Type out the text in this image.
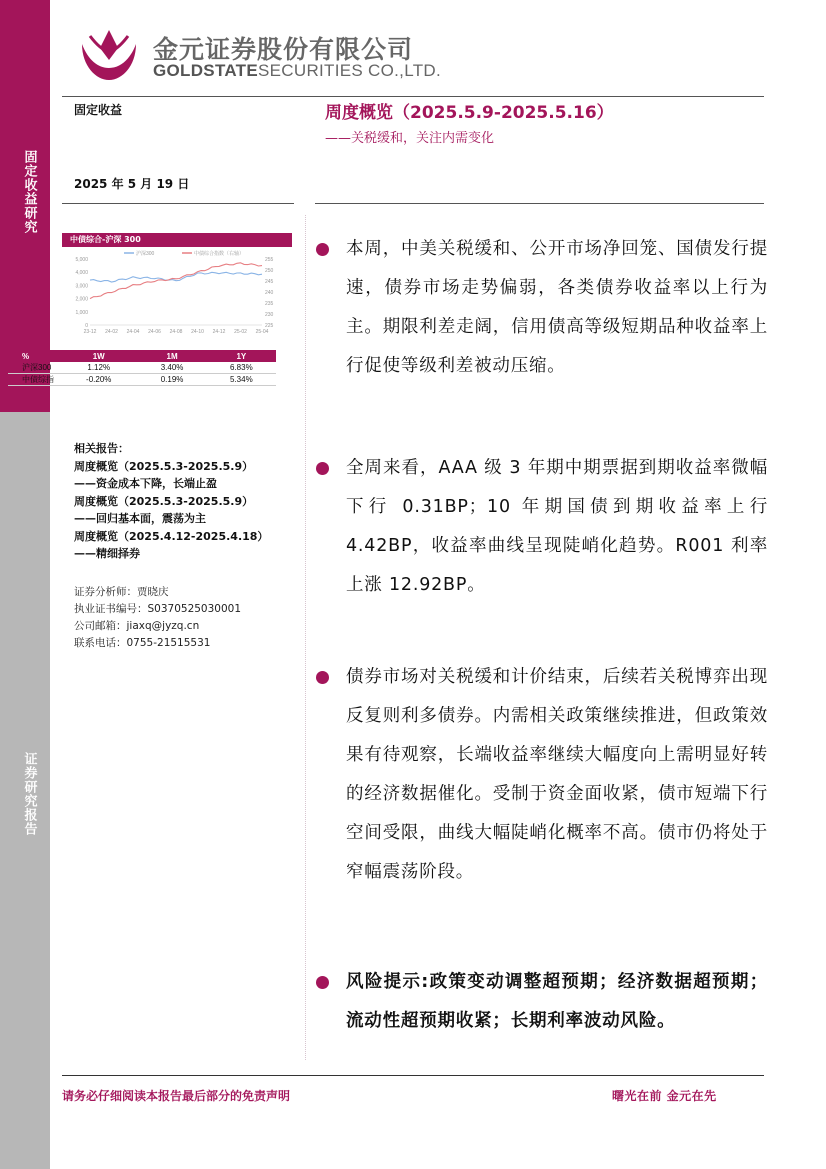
固定收益研究
证券研究报告
金元证券股份有限公司
GOLDSTATESECURITIES CO.,LTD.
固定收益
2025 年 5 月 19 日
中债综合-沪深 300
沪深300	中债综合指数（右轴）
5,000
4,000
3,000
2,000
1,000
0
255
250
245
240
235
230
225
23-12 24-02 24-04 24-06 24-08 24-10 24-12 25-02 25-04
%	1W	1M	1Y
沪深300	1.12%	3.40%	6.83%
中债综指	-0.20%	0.19%	5.34%
相关报告：
周度概览（2025.5.3-2025.5.9）
——资金成本下降，长端止盈
周度概览（2025.5.3-2025.5.9）
——回归基本面，震荡为主
周度概览（2025.4.12-2025.4.18）
——精细择券
证券分析师：贾晓庆
执业证书编号：S0370525030001
公司邮箱：jiaxq@jyzq.cn
联系电话：0755-21515531
周度概览（2025.5.9-2025.5.16）
——关税缓和，关注内需变化
本周，中美关税缓和、公开市场净回笼、国债发行提速，债券市场走势偏弱，各类债券收益率以上行为主。期限利差走阔，信用债高等级短期品种收益率上行促使等级利差被动压缩。
全周来看，AAA 级 3 年期中期票据到期收益率微幅下行 0.31BP；10 年期国债到期收益率上行 4.42BP，收益率曲线呈现陡峭化趋势。R001 利率上涨 12.92BP。
债券市场对关税缓和计价结束，后续若关税博弈出现反复则利多债券。内需相关政策继续推进，但政策效果有待观察，长端收益率继续大幅度向上需明显好转的经济数据催化。受制于资金面收紧，债市短端下行空间受限，曲线大幅陡峭化概率不高。债市仍将处于窄幅震荡阶段。
风险提示:政策变动调整超预期；经济数据超预期；流动性超预期收紧；长期利率波动风险。
请务必仔细阅读本报告最后部分的免责声明	曙光在前 金元在先
